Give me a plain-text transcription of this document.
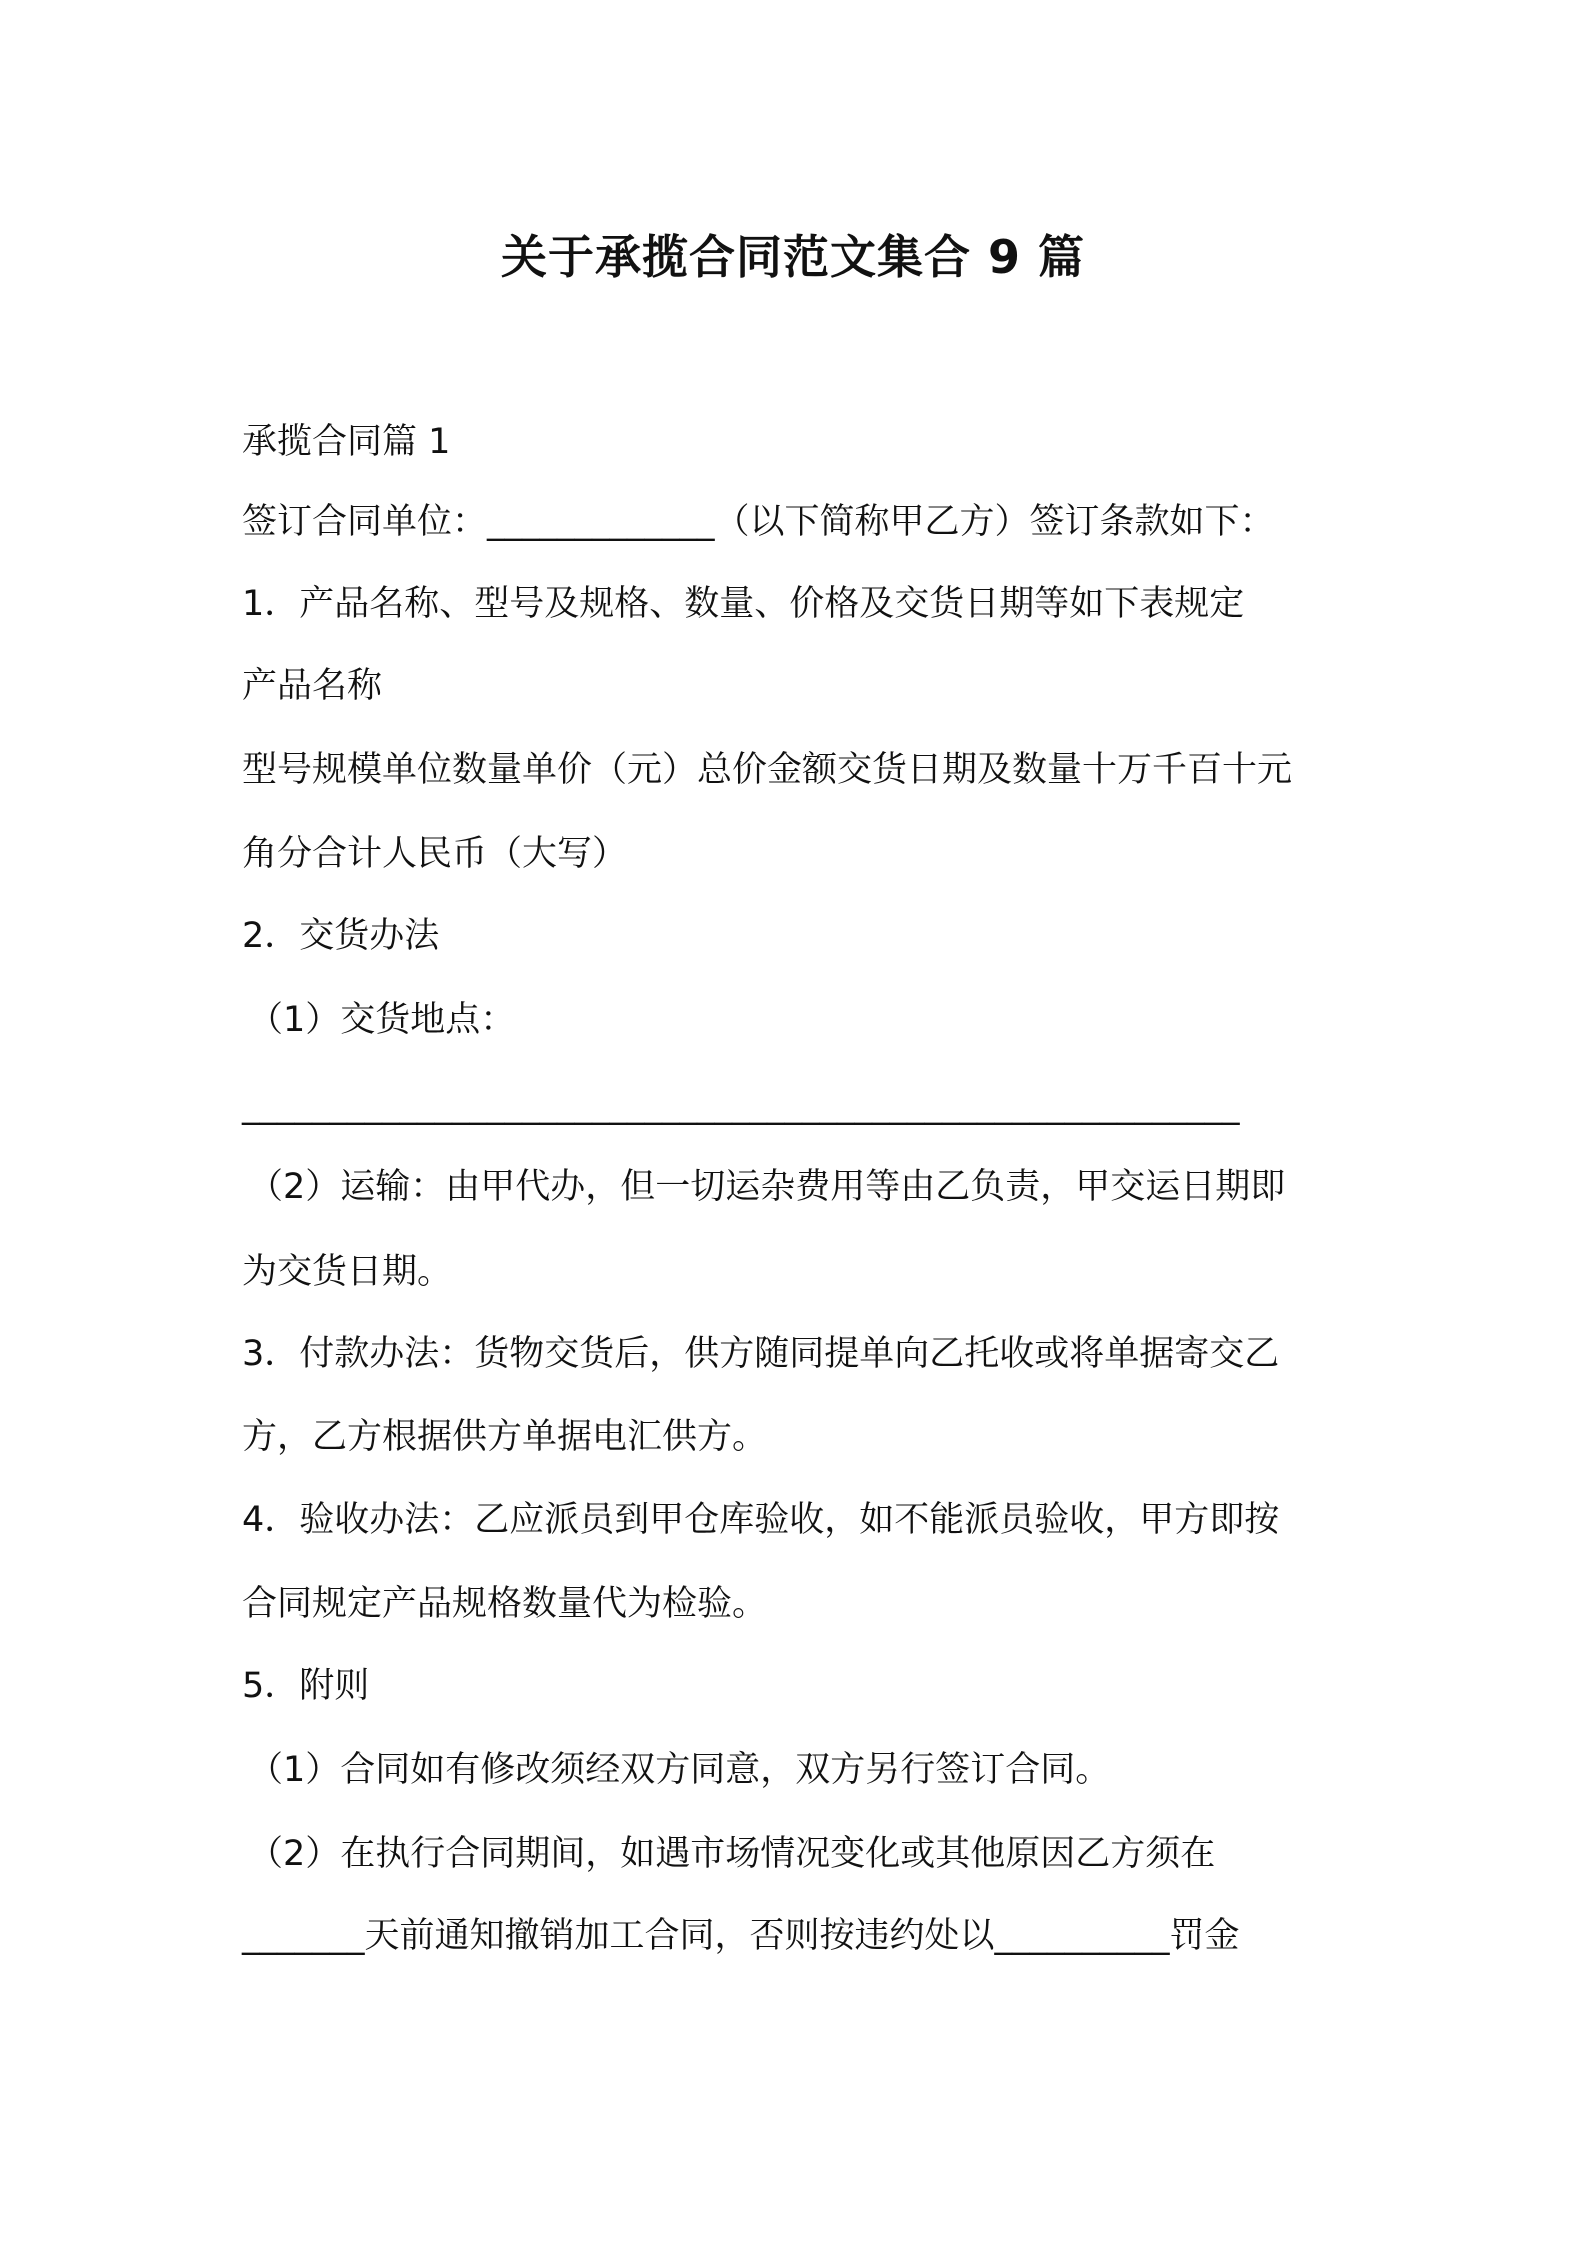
关于承揽合同范文集合 9 篇

承揽合同篇 1

签订合同单位：_____________（以下简称甲乙方）签订条款如下：

1．产品名称、型号及规格、数量、价格及交货日期等如下表规定

产品名称

型号规模单位数量单价（元）总价金额交货日期及数量十万千百十元

角分合计人民币（大写）

2．交货办法

（1）交货地点：

_________________________________________________________

（2）运输：由甲代办，但一切运杂费用等由乙负责，甲交运日期即

为交货日期。

3．付款办法：货物交货后，供方随同提单向乙托收或将单据寄交乙

方，乙方根据供方单据电汇供方。

4．验收办法：乙应派员到甲仓库验收，如不能派员验收，甲方即按

合同规定产品规格数量代为检验。

5．附则

（1）合同如有修改须经双方同意，双方另行签订合同。

（2）在执行合同期间，如遇市场情况变化或其他原因乙方须在

_______天前通知撤销加工合同，否则按违约处以__________罚金
